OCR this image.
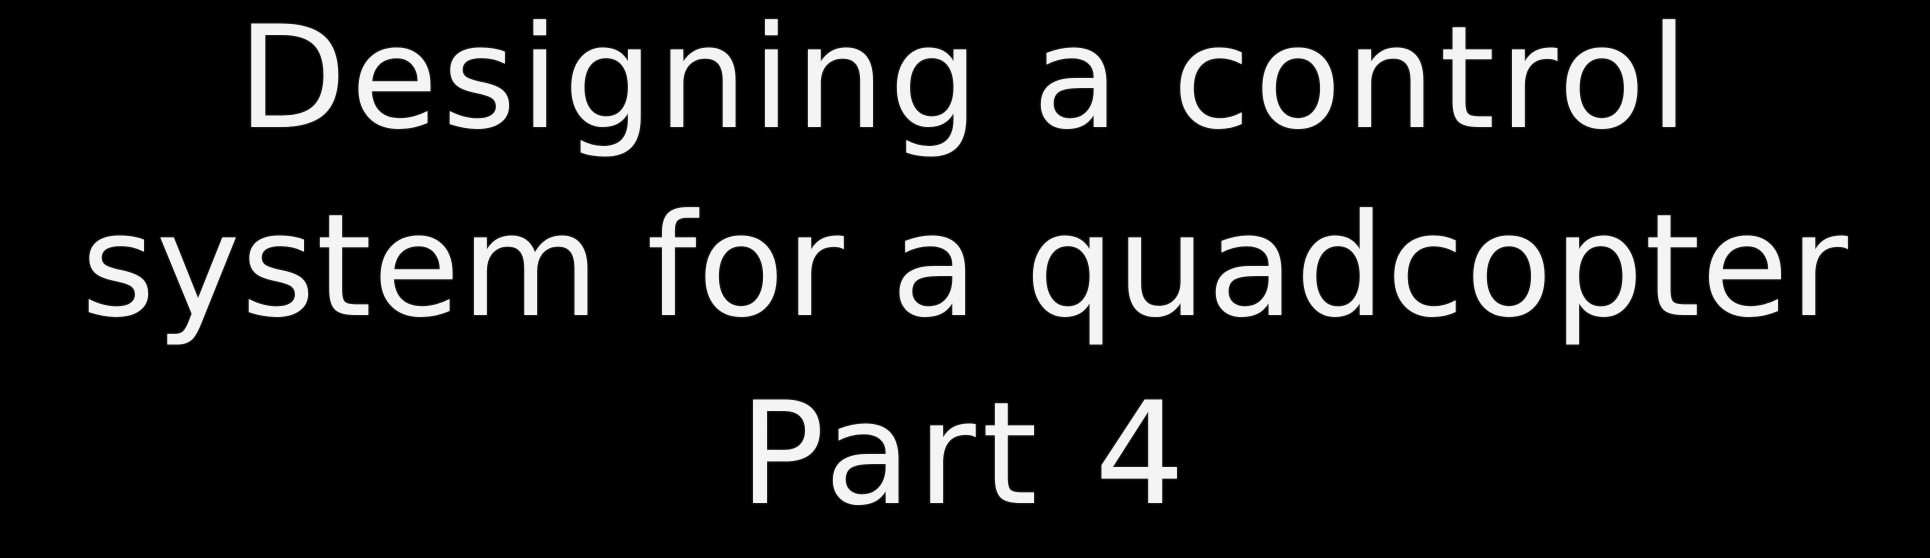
Designing a control
system for a quadcopter
Part 4
